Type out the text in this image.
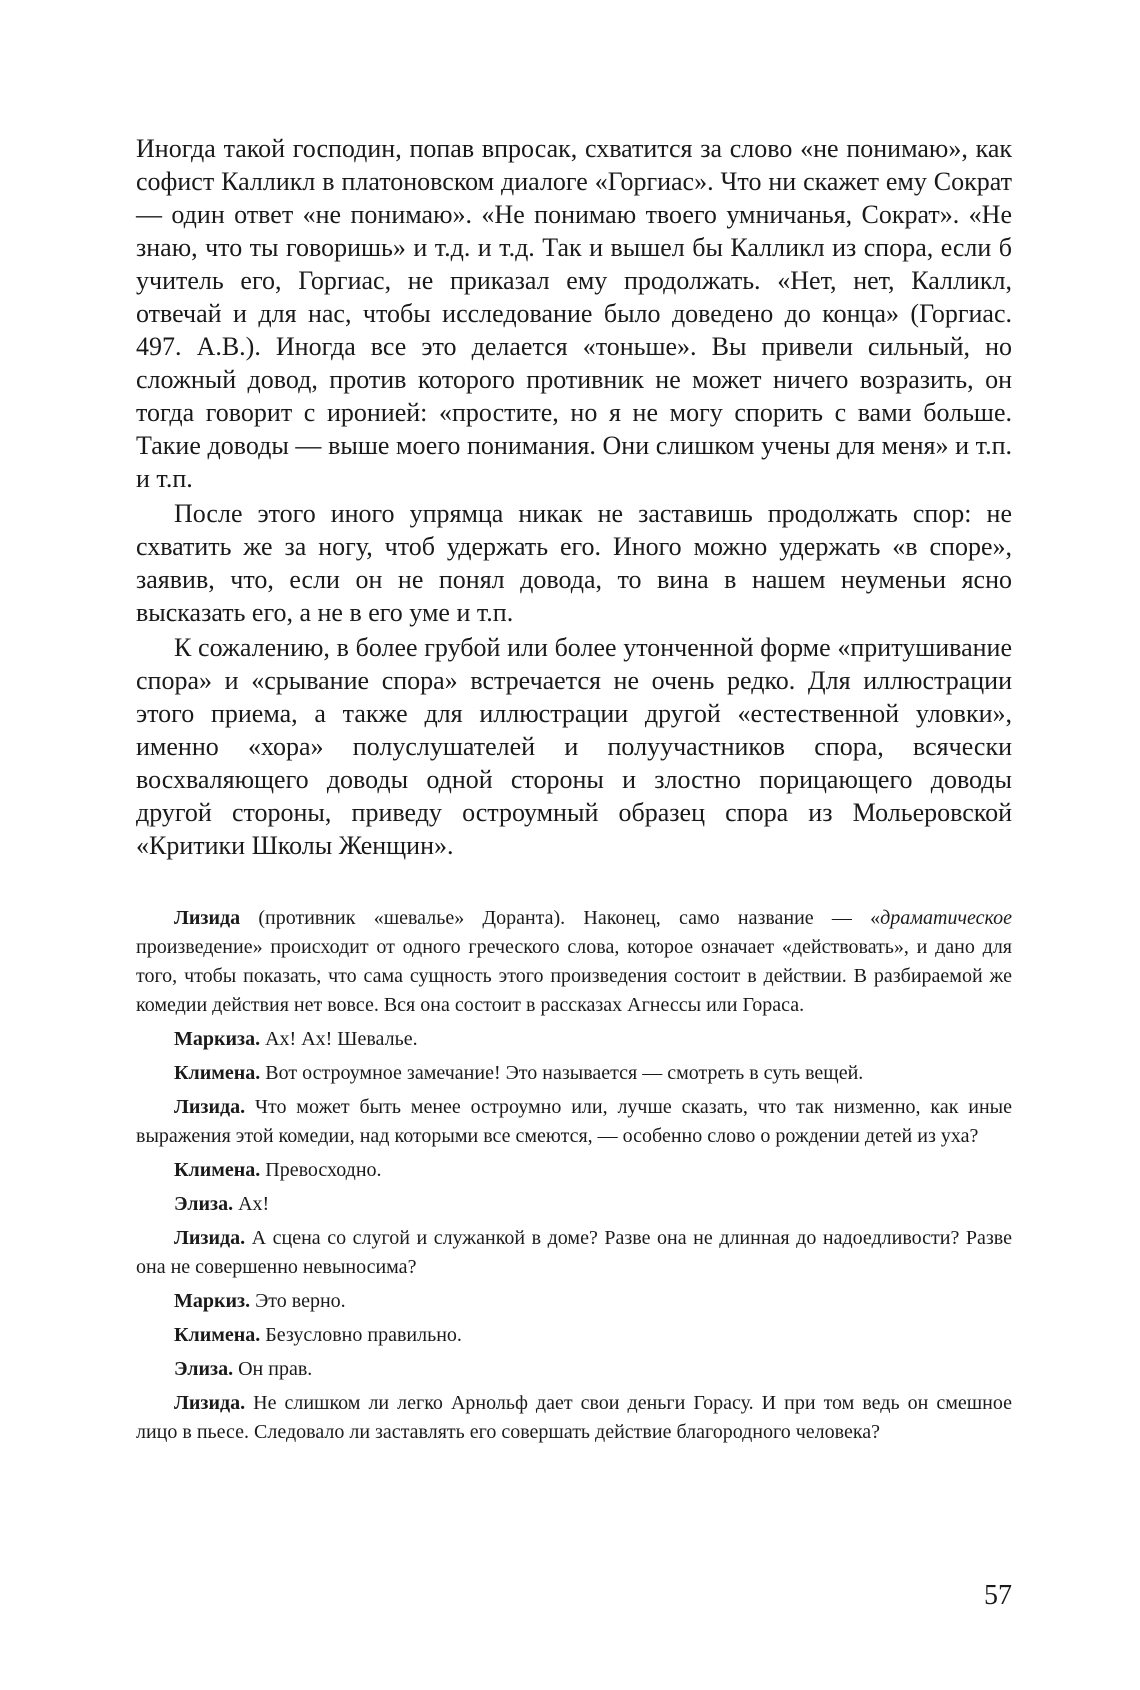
Иногда такой господин, попав впросак, схватится за слово «не понимаю», как софист Калликл в платоновском диалоге «Горгиас». Что ни скажет ему Сократ — один ответ «не понимаю». «Не понимаю твоего умничанья, Сократ». «Не знаю, что ты говоришь» и т.д. и т.д. Так и вышел бы Калликл из спора, если б учитель его, Горгиас, не приказал ему продолжать. «Нет, нет, Калликл, отвечай и для нас, чтобы исследование было доведено до конца» (Горгиас. 497. А.В.). Иногда все это делается «тоньше». Вы привели сильный, но сложный довод, против которого противник не может ничего возразить, он тогда говорит с иронией: «простите, но я не могу спорить с вами больше. Такие доводы — выше моего понимания. Они слишком учены для меня» и т.п. и т.п.

После этого иного упрямца никак не заставишь продолжать спор: не схватить же за ногу, чтоб удержать его. Иного можно удержать «в споре», заявив, что, если он не понял довода, то вина в нашем неуменьи ясно высказать его, а не в его уме и т.п.

К сожалению, в более грубой или более утонченной форме «притушивание спора» и «срывание спора» встречается не очень редко. Для иллюстрации этого приема, а также для иллюстрации другой «естественной уловки», именно «хора» полуслушателей и полуучастников спора, всячески восхваляющего доводы одной стороны и злостно порицающего доводы другой стороны, приведу остроумный образец спора из Мольеровской «Критики Школы Женщин».

Лизида (противник «шевалье» Доранта). Наконец, само название — «драматическое произведение» происходит от одного греческого слова, которое означает «действовать», и дано для того, чтобы показать, что сама сущность этого произведения состоит в действии. В разбираемой же комедии действия нет вовсе. Вся она состоит в рассказах Агнессы или Гораса.

Маркиза. Ах! Ах! Шевалье.

Климена. Вот остроумное замечание! Это называется — смотреть в суть вещей.

Лизида. Что может быть менее остроумно или, лучше сказать, что так низменно, как иные выражения этой комедии, над которыми все смеются, — особенно слово о рождении детей из уха?

Климена. Превосходно.

Элиза. Ах!

Лизида. А сцена со слугой и служанкой в доме? Разве она не длинная до надоедливости? Разве она не совершенно невыносима?

Маркиз. Это верно.

Климена. Безусловно правильно.

Элиза. Он прав.

Лизида. Не слишком ли легко Арнольф дает свои деньги Горасу. И при том ведь он смешное лицо в пьесе. Следовало ли заставлять его совершать действие благородного человека?

57
